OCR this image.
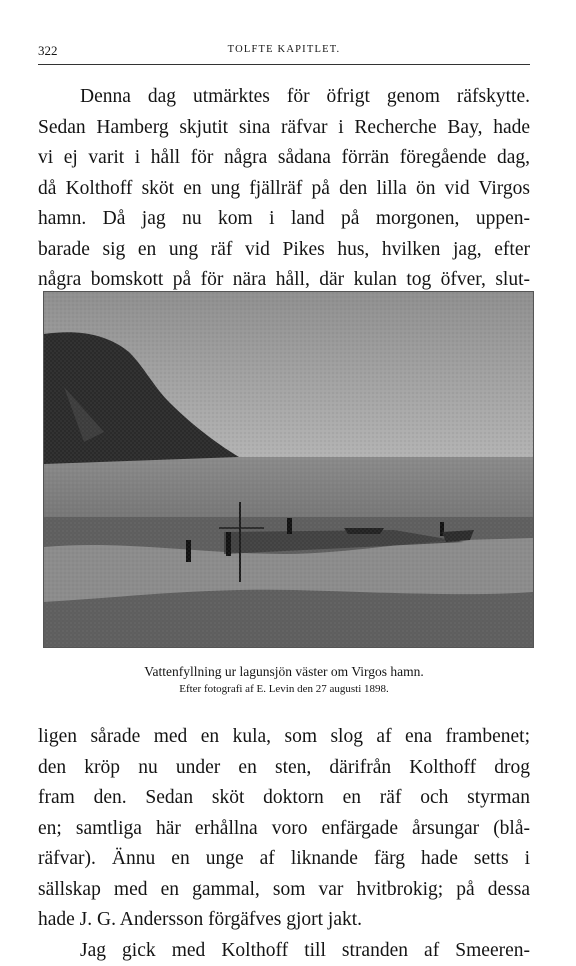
322	TOLFTE KAPITLET.
Denna dag utmärktes för öfrigt genom räfskytte.
Sedan Hamberg skjutit sina räfvar i Recherche Bay, hade
vi ej varit i håll för några sådana förrän föregående dag,
då Kolthoff sköt en ung fjällräf på den lilla ön vid Virgos
hamn. Då jag nu kom i land på morgonen, uppen-
barade sig en ung räf vid Pikes hus, hvilken jag, efter
några bomskott på för nära håll, där kulan tog öfver, slut-

Vattenfyllning ur lagunsjön väster om Virgos hamn.

Efter fotografi af E. Levin den 27 augusti 1898.

ligen sårade med en kula, som slog af ena frambenet;
den kröp nu under en sten, därifrån Kolthoff drog
fram den. Sedan sköt doktorn en räf och styrman
en; samtliga här erhållna voro enfärgade årsungar (blå-
räfvar). Ännu en unge af liknande färg hade setts i
sällskap med en gammal, som var hvitbrokig; på dessa
hade J. G. Andersson förgäfves gjort jakt.
Jag gick med Kolthoff till stranden af Smeeren-
